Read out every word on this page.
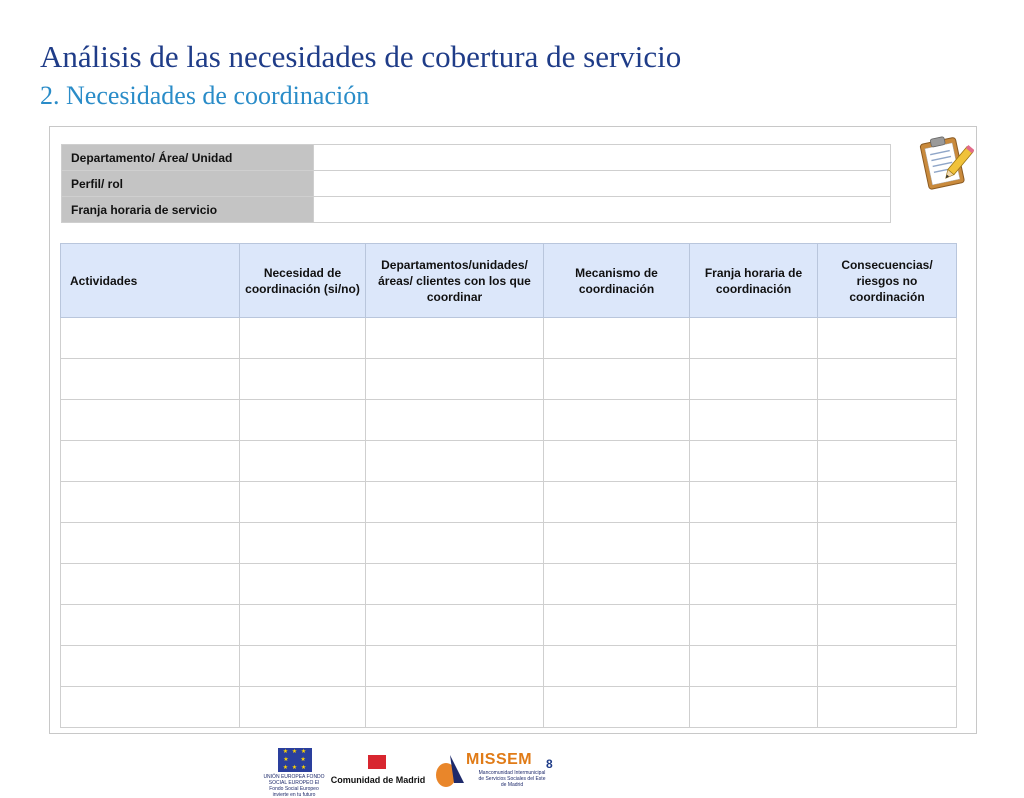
Análisis de las necesidades de cobertura de servicio
2. Necesidades de coordinación
Departamento/ Área/ Unidad	
Perfil/ rol	
Franja horaria de servicio	
Actividades	Necesidad de coordinación (si/no)	Departamentos/unidades/ áreas/ clientes con los que coordinar	Mecanismo de coordinación	Franja horaria de coordinación	Consecuencias/ riesgos no coordinación

★ ★ ★
★    ★
★ ★ ★
UNIÓN EUROPEA FONDO SOCIAL EUROPEO El Fondo Social Europeo invierte en tu futuro
Comunidad de Madrid
MISSEM
Mancomunidad Intermunicipal de Servicios Sociales del Este de Madrid
8
